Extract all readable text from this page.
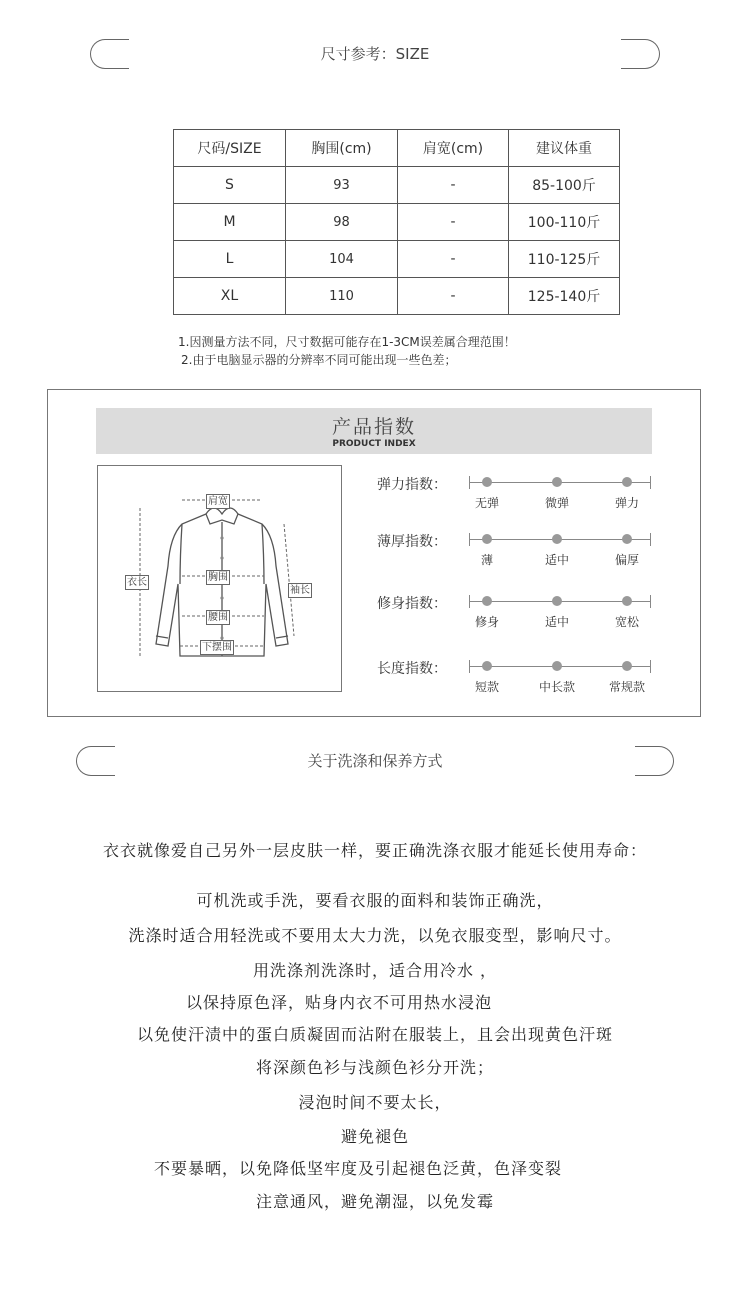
尺寸参考：SIZE
尺码/SIZE	胸围(cm)	肩宽(cm)	建议体重
S	93	-	85-100斤
M	98	-	100-110斤
L	104	-	110-125斤
XL	110	-	125-140斤
1.因测量方法不同，尺寸数据可能存在1-3CM误差属合理范围！
2.由于电脑显示器的分辨率不同可能出现一些色差；
产品指数
PRODUCT INDEX
肩宽
衣长	胸围
袖长
腰围
下摆围
弹力指数：
无弹	微弹	弹力
薄厚指数：
薄	适中	偏厚
修身指数：
修身	适中	宽松
长度指数：
短款	中长款	常规款
关于洗涤和保养方式
衣衣就像爱自己另外一层皮肤一样，要正确洗涤衣服才能延长使用寿命：
可机洗或手洗，要看衣服的面料和装饰正确洗，
洗涤时适合用轻洗或不要用太大力洗，以免衣服变型，影响尺寸。
用洗涤剂洗涤时，适合用冷水 ，
以保持原色泽，贴身内衣不可用热水浸泡
以免使汗渍中的蛋白质凝固而沾附在服装上，且会出现黄色汗斑
将深颜色衫与浅颜色衫分开洗；
浸泡时间不要太长，
避免褪色
不要暴晒，以免降低坚牢度及引起褪色泛黄，色泽变裂
注意通风，避免潮湿，以免发霉
